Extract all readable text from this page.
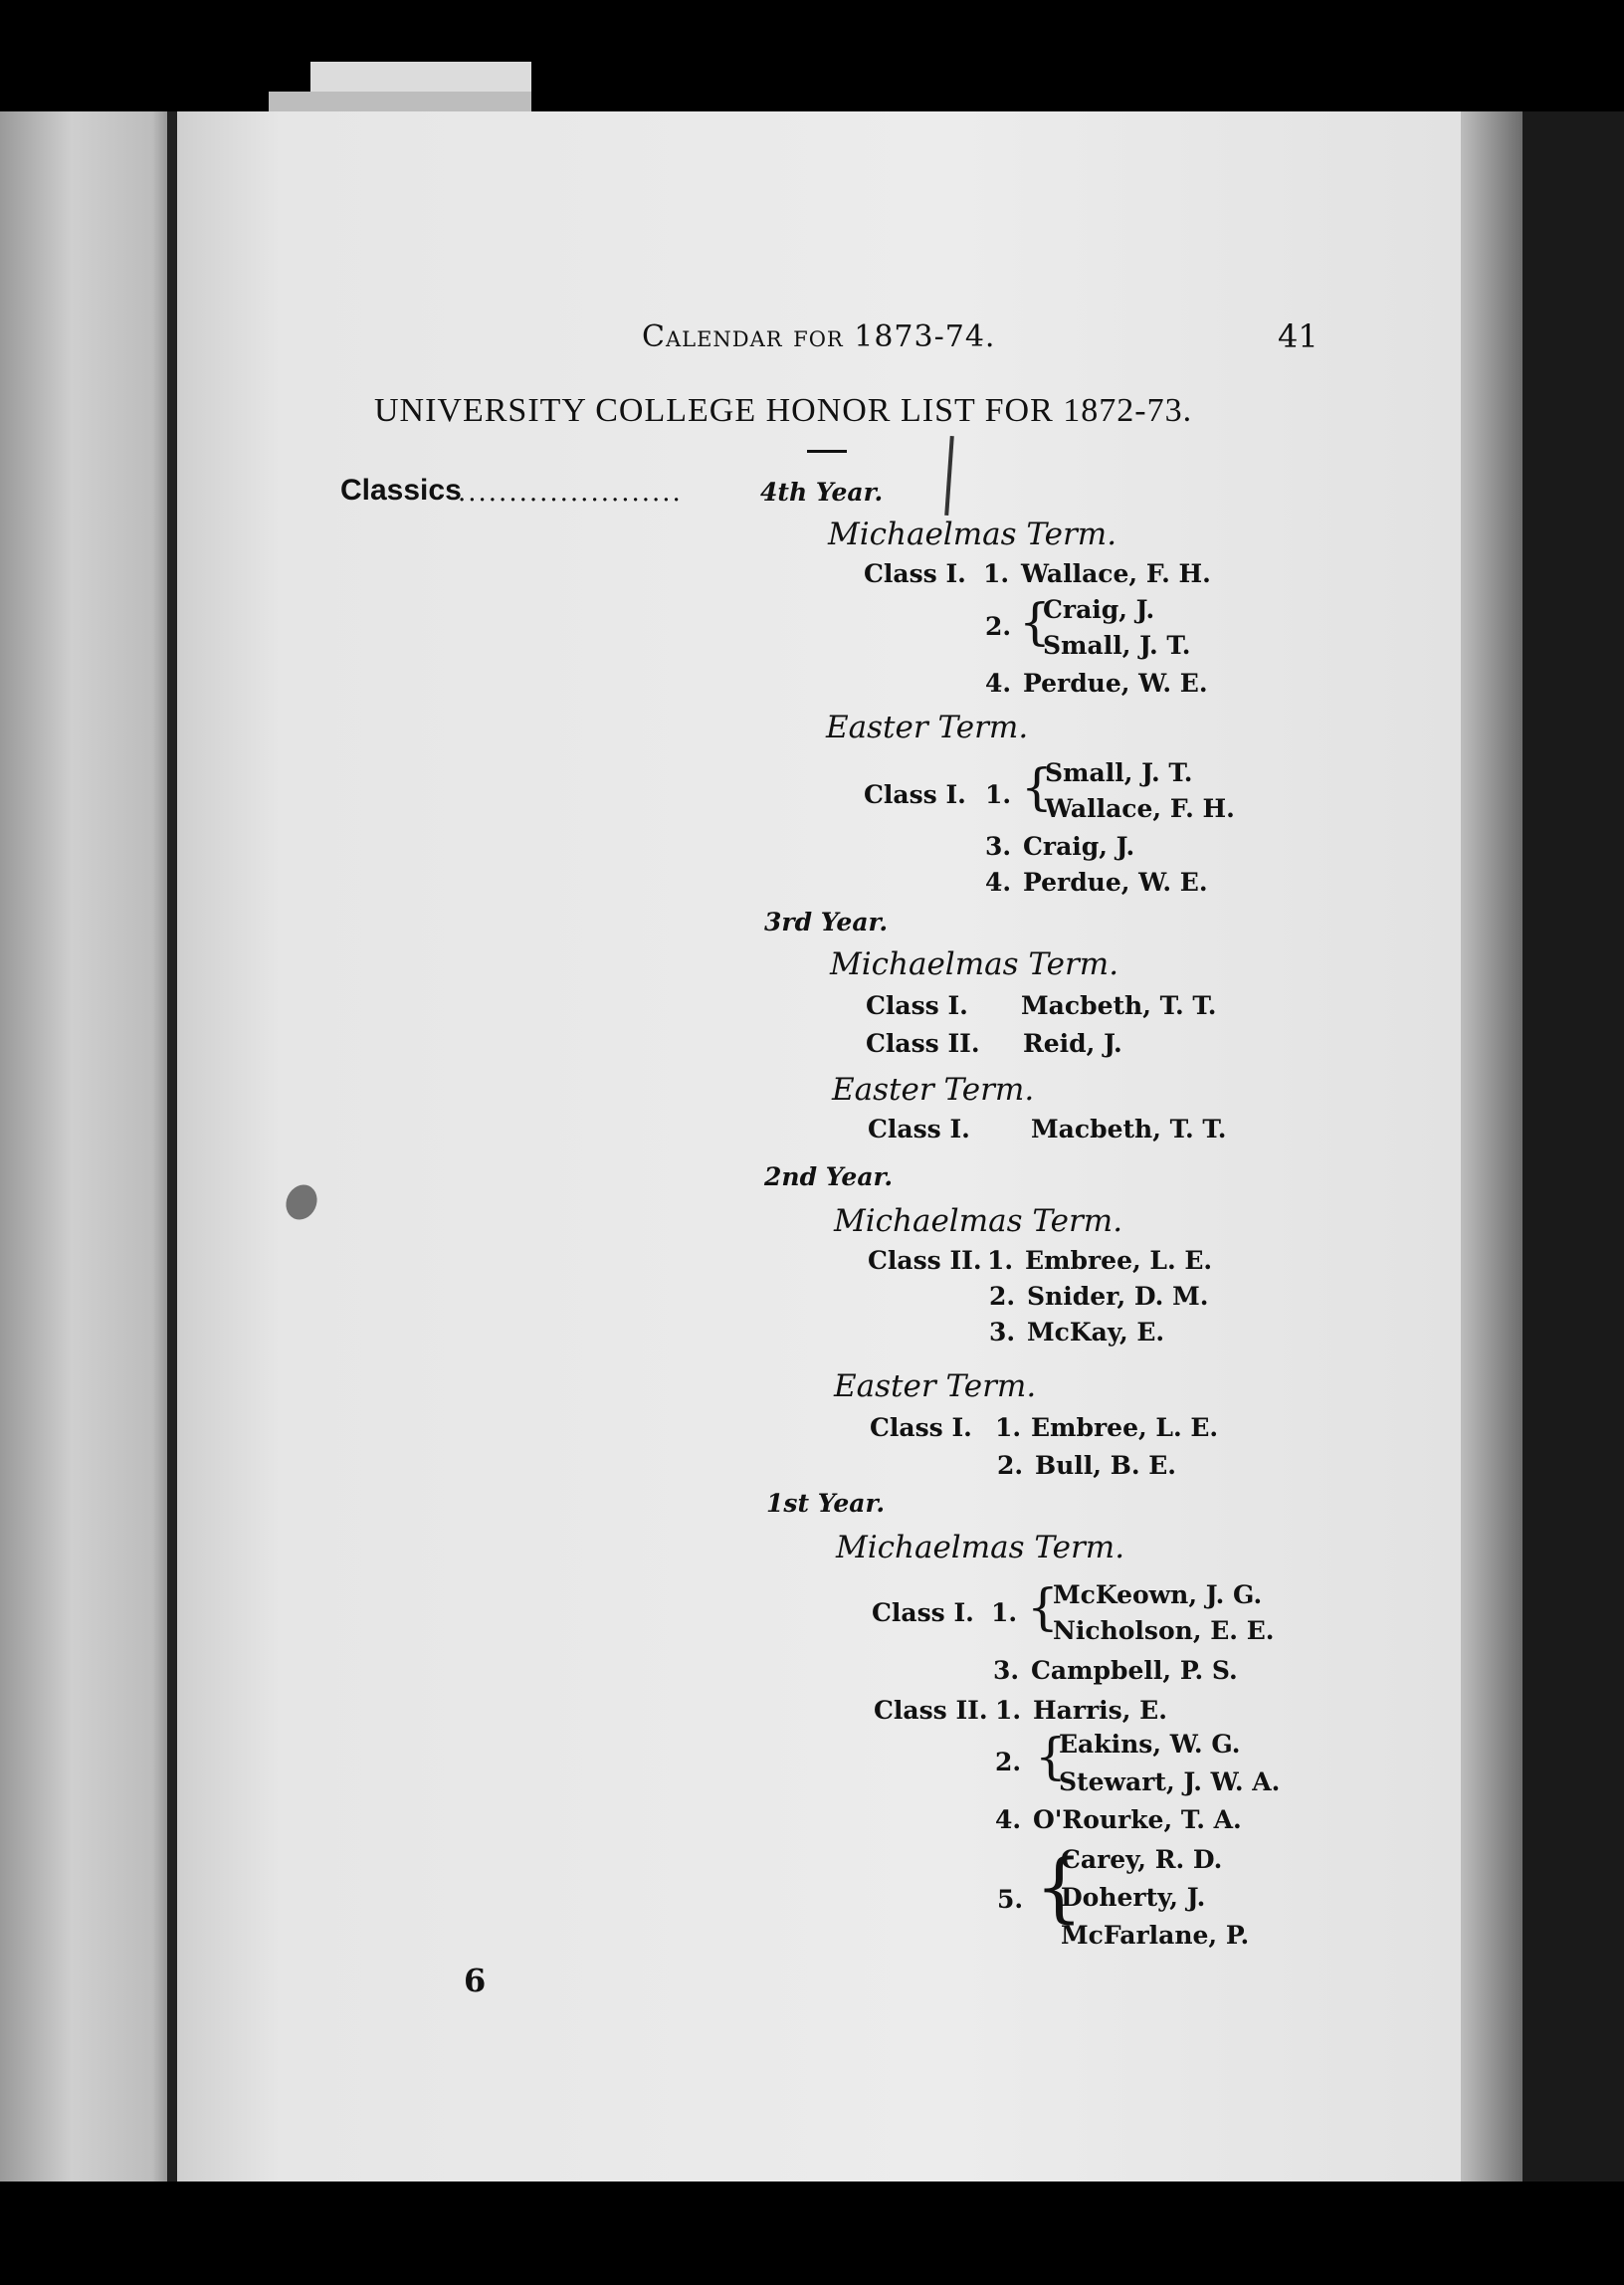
Calendar for 1873-74.	41
UNIVERSITY COLLEGE HONOR LIST FOR 1872-73.
Classics
......................	4th Year.
Michaelmas Term.
Class I. 1. Wallace, F. H.
2. {
Craig, J.
Small, J. T.
4. Perdue, W. E.
Easter Term.
Class I. 1. {
Small, J. T.
Wallace, F. H.
3. Craig, J.
4. Perdue, W. E.
3rd Year.
Michaelmas Term.
Class I. Macbeth, T. T.
Class II. Reid, J.
Easter Term.
Class I. Macbeth, T. T.
2nd Year.
Michaelmas Term.
Class II. 1. Embree, L. E.
2. Snider, D. M.
3. McKay, E.
Easter Term.
Class I. 1. Embree, L. E.
2. Bull, B. E.
1st Year.
Michaelmas Term.
Class I. 1. {
McKeown, J. G.
Nicholson, E. E.
3. Campbell, P. S.
Class II. 1. Harris, E.
2. {
Eakins, W. G.
Stewart, J. W. A.
4. O'Rourke, T. A.
5. {
Carey, R. D.
Doherty, J.
McFarlane, P.
6
